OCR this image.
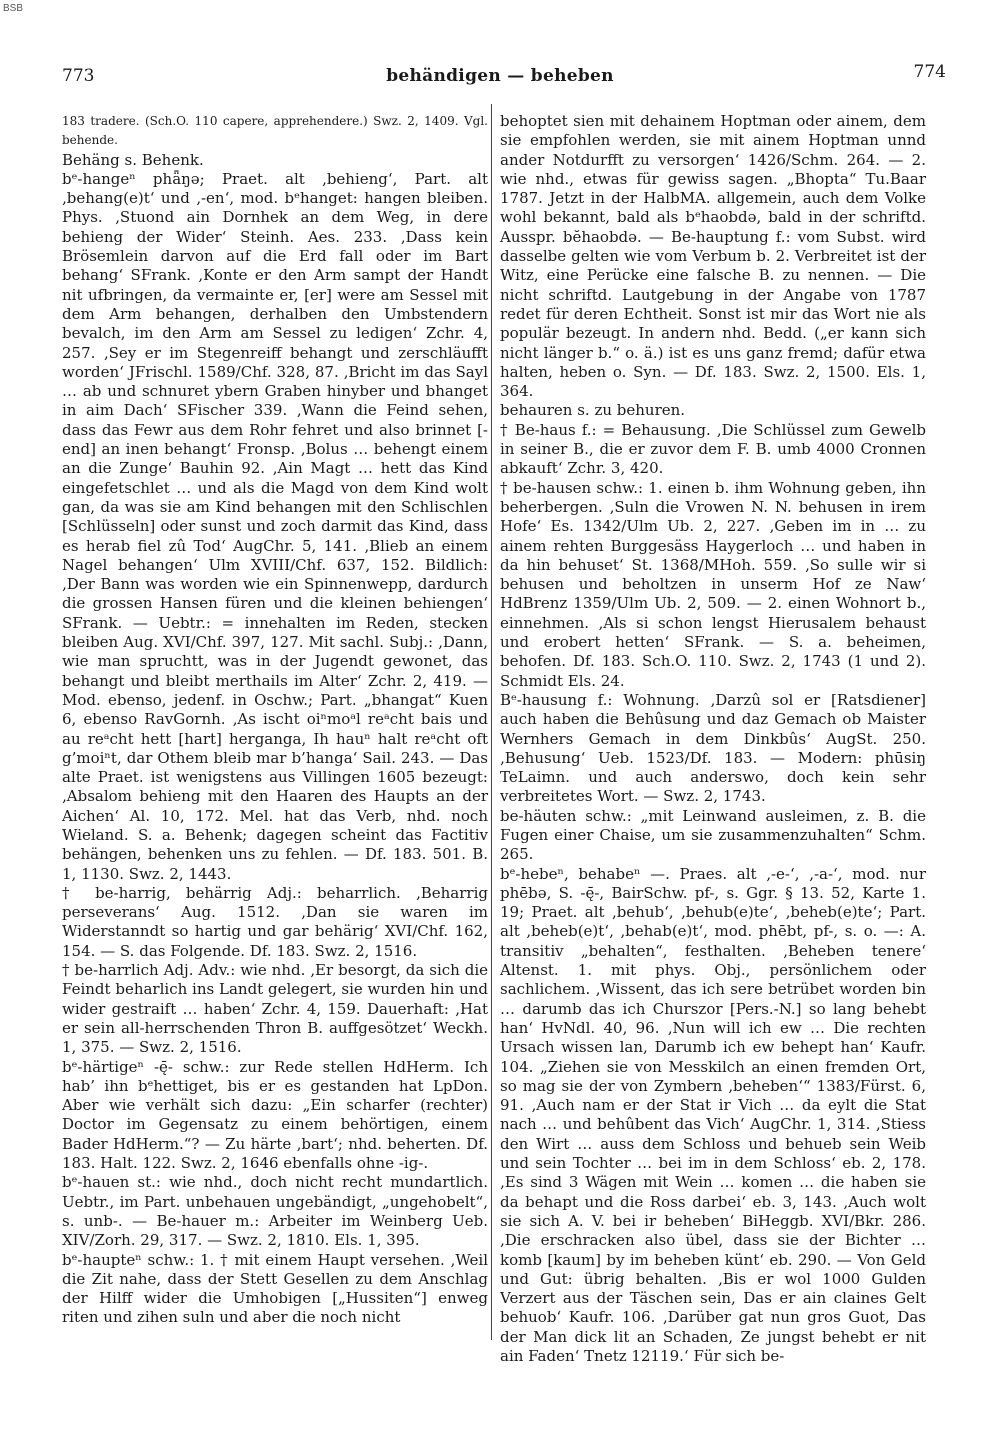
BSB
773	behändigen — beheben	774

183 tradere. (Sch.O. 110 capere, apprehendere.) Swz. 2, 1409. Vgl. behende.

Behäng s. Behenk.

bᵉ-hangeⁿ phǟŋə; Praet. alt ‚behieng‘, Part. alt ‚behang(e)t‘ und ‚-en‘, mod. bᵉhanget: hangen bleiben. Phys. ‚Stuond ain Dornhek an dem Weg, in dere behieng der Wider‘ Steinh. Aes. 233. ‚Dass kein Brösemlein darvon auf die Erd fall oder im Bart behang‘ SFrank. ‚Konte er den Arm sampt der Handt nit ufbringen, da vermainte er, [er] were am Sessel mit dem Arm behangen, derhalben den Umbstendern bevalch, im den Arm am Sessel zu ledigen‘ Zchr. 4, 257. ‚Sey er im Stegenreiff behangt und zerschläufft worden‘ JFrischl. 1589/Chf. 328, 87. ‚Bricht im das Sayl … ab und schnuret ybern Graben hinyber und bhanget in aim Dach‘ SFischer 339. ‚Wann die Feind sehen, dass das Fewr aus dem Rohr fehret und also brinnet [-end] an inen behangt‘ Fronsp. ‚Bolus … behengt einem an die Zunge‘ Bauhin 92. ‚Ain Magt … hett das Kind eingefetschlet … und als die Magd von dem Kind wolt gan, da was sie am Kind behangen mit den Schlischlen [Schlüsseln] oder sunst und zoch darmit das Kind, dass es herab fiel zû Tod‘ AugChr. 5, 141. ‚Blieb an einem Nagel behangen‘ Ulm XVIII/Chf. 637, 152. Bildlich: ‚Der Bann was worden wie ein Spinnenwepp, dardurch die grossen Hansen füren und die kleinen behiengen‘ SFrank. — Uebtr.: = innehalten im Reden, stecken bleiben Aug. XVI/Chf. 397, 127. Mit sachl. Subj.: ‚Dann, wie man spruchtt, was in der Jugendt gewonet, das behangt und bleibt merthails im Alter‘ Zchr. 2, 419. — Mod. ebenso, jedenf. in Oschw.; Part. „bhangat“ Kuen 6, ebenso RavGornh. ‚As ischt oiⁿmoᵃl reᵃcht bais und au reᵃcht hett [hart] herganga, Ih hauⁿ halt reᵃcht oft g’moiⁿt, dar Othem bleib mar b’hanga‘ Sail. 243. — Das alte Praet. ist wenigstens aus Villingen 1605 bezeugt: ‚Absalom behieng mit den Haaren des Haupts an der Aichen‘ Al. 10, 172. Mel. hat das Verb, nhd. noch Wieland. S. a. Behenk; dagegen scheint das Factitiv behängen, behenken uns zu fehlen. — Df. 183. 501. B. 1, 1130. Swz. 2, 1443.

† be-harrig, behärrig Adj.: beharrlich. ‚Beharrig perseverans‘ Aug. 1512. ‚Dan sie waren im Widerstanndt so hartig und gar behärig‘ XVI/Chf. 162, 154. — S. das Folgende. Df. 183. Swz. 2, 1516.

† be-harrlich Adj. Adv.: wie nhd. ‚Er besorgt, da sich die Feindt beharlich ins Landt gelegert, sie wurden hin und wider gestraift … haben‘ Zchr. 4, 159. Dauerhaft: ‚Hat er sein all-herrschenden Thron B. auffgesötzet‘ Weckh. 1, 375. — Swz. 2, 1516.

bᵉ-härtigeⁿ -ę̄- schw.: zur Rede stellen HdHerm. Ich hab’ ihn bᵉhettiget, bis er es gestanden hat LpDon. Aber wie verhält sich dazu: „Ein scharfer (rechter) Doctor im Gegensatz zu einem behörtigen, einem Bader HdHerm.“? — Zu härte ‚bart‘; nhd. beherten. Df. 183. Halt. 122. Swz. 2, 1646 ebenfalls ohne -ig-.

bᵉ-hauen st.: wie nhd., doch nicht recht mundartlich. Uebtr., im Part. unbehauen ungebändigt, „ungehobelt“, s. unb-. — Be-hauer m.: Arbeiter im Weinberg Ueb. XIV/Zorh. 29, 317. — Swz. 2, 1810. Els. 1, 395.

bᵉ-haupteⁿ schw.: 1. † mit einem Haupt versehen. ‚Weil die Zit nahe, dass der Stett Gesellen zu dem Anschlag der Hilff wider die Umhobigen [„Hussiten“] enweg riten und zihen suln und aber die noch nicht

behoptet sien mit dehainem Hoptman oder ainem, dem sie empfohlen werden, sie mit ainem Hoptman unnd ander Notdurfft zu versorgen‘ 1426/Schm. 264. — 2. wie nhd., etwas für gewiss sagen. „Bhopta“ Tu.Baar 1787. Jetzt in der HalbMA. allgemein, auch dem Volke wohl bekannt, bald als bᵉhaobdə, bald in der schriftd. Ausspr. bĕhaobdə. — Be-hauptung f.: vom Subst. wird dasselbe gelten wie vom Verbum b. 2. Verbreitet ist der Witz, eine Perücke eine falsche B. zu nennen. — Die nicht schriftd. Lautgebung in der Angabe von 1787 redet für deren Echtheit. Sonst ist mir das Wort nie als populär bezeugt. In andern nhd. Bedd. („er kann sich nicht länger b.“ o. ä.) ist es uns ganz fremd; dafür etwa halten, heben o. Syn. — Df. 183. Swz. 2, 1500. Els. 1, 364.

behauren s. zu behuren.

† Be-haus f.: = Behausung. ‚Die Schlüssel zum Gewelb in seiner B., die er zuvor dem F. B. umb 4000 Cronnen abkauft‘ Zchr. 3, 420.

† be-hausen schw.: 1. einen b. ihm Wohnung geben, ihn beherbergen. ‚Suln die Vrowen N. N. behusen in irem Hofe‘ Es. 1342/Ulm Ub. 2, 227. ‚Geben im in … zu ainem rehten Burggesäss Haygerloch … und haben in da hin behuset‘ St. 1368/MHoh. 559. ‚So sulle wir si behusen und beholtzen in unserm Hof ze Naw‘ HdBrenz 1359/Ulm Ub. 2, 509. — 2. einen Wohnort b., einnehmen. ‚Als si schon lengst Hierusalem behaust und erobert hetten‘ SFrank. — S. a. beheimen, behofen. Df. 183. Sch.O. 110. Swz. 2, 1743 (1 und 2). Schmidt Els. 24.

Bᵉ-hausung f.: Wohnung. ‚Darzû sol er [Ratsdiener] auch haben die Behûsung und daz Gemach ob Maister Wernhers Gemach in dem Dinkbûs‘ AugSt. 250. ‚Behusung‘ Ueb. 1523/Df. 183. — Modern: phūsiŋ TeLaimn. und auch anderswo, doch kein sehr verbreitetes Wort. — Swz. 2, 1743.

be-häuten schw.: „mit Leinwand ausleimen, z. B. die Fugen einer Chaise, um sie zusammenzuhalten“ Schm. 265.

bᵉ-hebeⁿ, behabeⁿ —. Praes. alt ‚-e-‘, ‚-a-‘, mod. nur phēbə, S. -ę̄-, BairSchw. pf-, s. Ggr. § 13. 52, Karte 1. 19; Praet. alt ‚behub‘, ‚behub(e)te‘, ‚beheb(e)te‘; Part. alt ‚beheb(e)t‘, ‚behab(e)t‘, mod. phēbt, pf-, s. o. —: A. transitiv „behalten“, festhalten. ‚Beheben tenere‘ Altenst. 1. mit phys. Obj., persönlichem oder sachlichem. ‚Wissent, das ich sere betrübet worden bin … darumb das ich Churszor [Pers.-N.] so lang behebt han‘ HvNdl. 40, 96. ‚Nun will ich ew … Die rechten Ursach wissen lan, Darumb ich ew behept han‘ Kaufr. 104. „Ziehen sie von Messkilch an einen fremden Ort, so mag sie der von Zymbern ‚beheben‘“ 1383/Fürst. 6, 91. ‚Auch nam er der Stat ir Vich … da eylt die Stat nach … und behûbent das Vich‘ AugChr. 1, 314. ‚Stiess den Wirt … auss dem Schloss und behueb sein Weib und sein Tochter … bei im in dem Schloss‘ eb. 2, 178. ‚Es sind 3 Wägen mit Wein … komen … die haben sie da behapt und die Ross darbei‘ eb. 3, 143. ‚Auch wolt sie sich A. V. bei ir beheben‘ BiHeggb. XVI/Bkr. 286. ‚Die erschracken also übel, dass sie der Bichter … komb [kaum] by im beheben künt‘ eb. 290. — Von Geld und Gut: übrig behalten. ‚Bis er wol 1000 Gulden Verzert aus der Täschen sein, Das er ain claines Gelt behuob‘ Kaufr. 106. ‚Darüber gat nun gros Guot, Das der Man dick lit an Schaden, Ze jungst behebt er nit ain Faden‘ Tnetz 12119.‘ Für sich be-
